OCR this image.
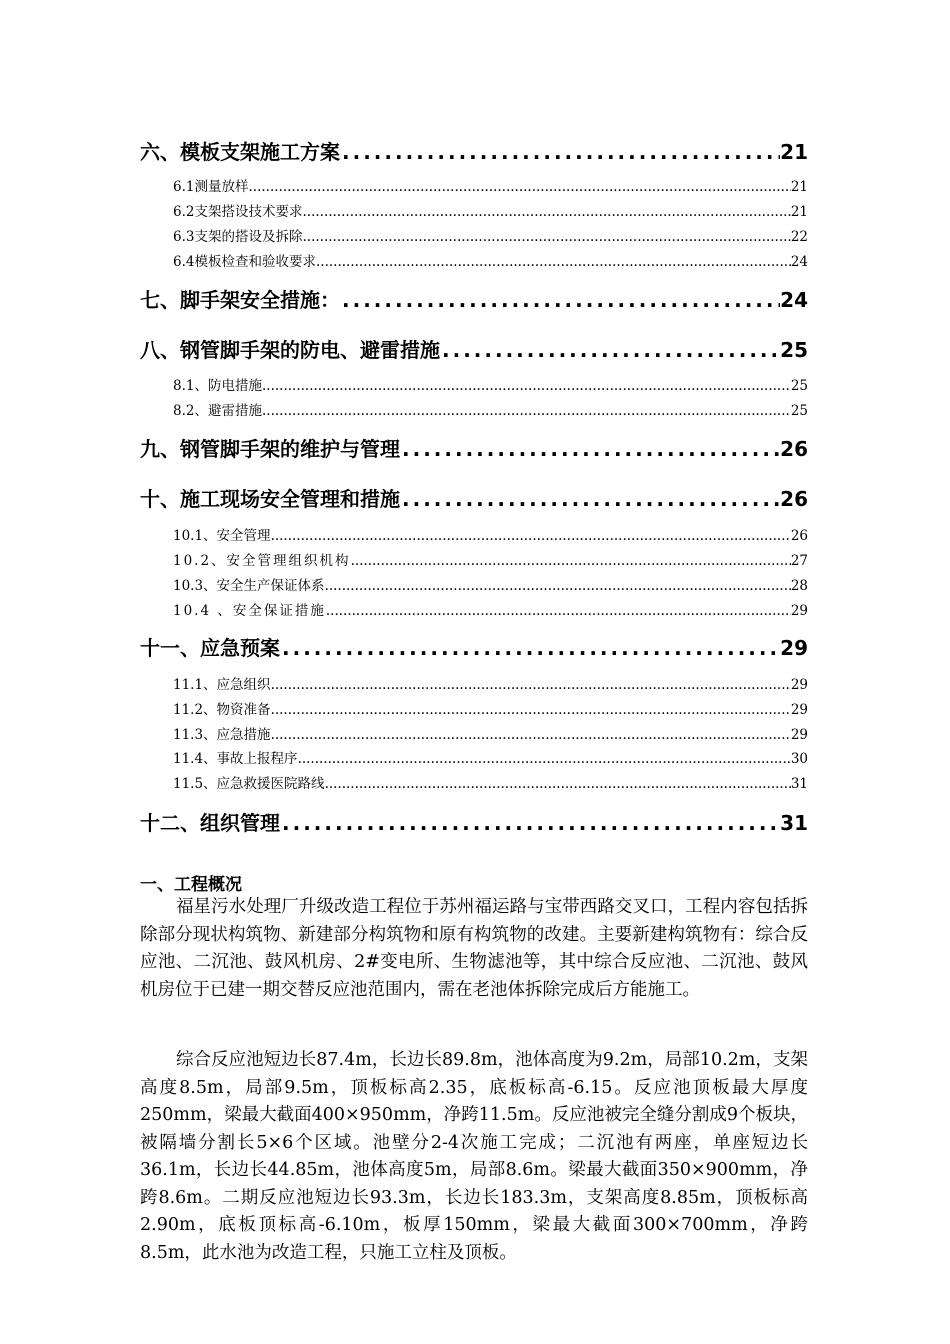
六、模板支架施工方案 .....	21
6.1测量放样 .....	21
6.2支架搭设技术要求 .....	21
6.3支架的搭设及拆除 .....	22
6.4模板检查和验收要求 .....	24
七、脚手架安全措施： .....	24
八、钢管脚手架的防电、避雷措施 .....	25
8.1、防电措施 .....	25
8.2、避雷措施 .....	25
九、钢管脚手架的维护与管理 .....	26
十、施工现场安全管理和措施 .....	26
10.1、安全管理 .....	26
10.2、安全管理组织机构 .....	27
10.3、安全生产保证体系 .....	28
10.4 、安全保证措施 .....	29
十一、应急预案 .....	29
11.1、应急组织 .....	29
11.2、物资准备 .....	29
11.3、应急措施 .....	29
11.4、事故上报程序 .....	30
11.5、应急救援医院路线 .....	31
十二、组织管理 .....	31
一、工程概况

福星污水处理厂升级改造工程位于苏州福运路与宝带西路交叉口，工程内容包括拆除部分现状构筑物、新建部分构筑物和原有构筑物的改建。主要新建构筑物有：综合反应池、二沉池、鼓风机房、2#变电所、生物滤池等，其中综合反应池、二沉池、鼓风机房位于已建一期交替反应池范围内，需在老池体拆除完成后方能施工。

综合反应池短边长87.4m，长边长89.8m，池体高度为9.2m，局部10.2m，支架高度8.5m，局部9.5m，顶板标高2.35，底板标高-6.15。反应池顶板最大厚度250mm，梁最大截面400×950mm，净跨11.5m。反应池被完全缝分割成9个板块，被隔墙分割长5×6个区域。池壁分2-4次施工完成；二沉池有两座，单座短边长36.1m，长边长44.85m，池体高度5m，局部8.6m。梁最大截面350×900mm，净跨8.6m。二期反应池短边长93.3m，长边长183.3m，支架高度8.85m，顶板标高2.90m，底板顶标高-6.10m，板厚150mm，梁最大截面300×700mm，净跨8.5m，此水池为改造工程，只施工立柱及顶板。
